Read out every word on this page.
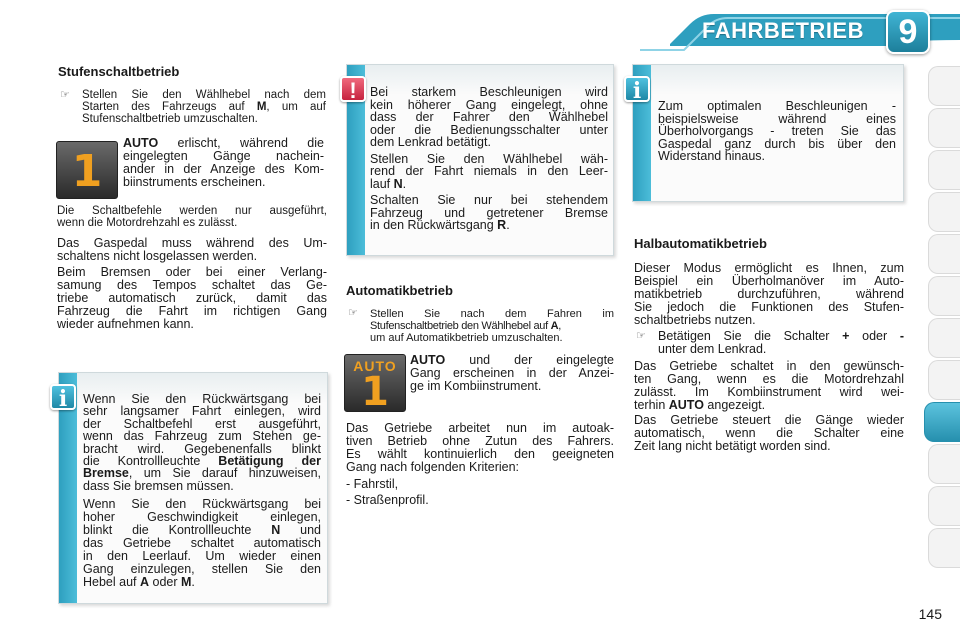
FAHRBETRIEB	9
Stufenschaltbetrieb
☞ Stellen Sie den Wählhebel nach dem
Starten des Fahrzeugs auf M, um auf
Stufenschaltbetrieb umzuschalten.
1
AUTO erlischt, während die
eingelegten Gänge nachein-
ander in der Anzeige des Kom-
biinstruments erscheinen.
Die Schaltbefehle werden nur ausgeführt,
wenn die Motordrehzahl es zulässt.
Das Gaspedal muss während des Um-
schaltens nicht losgelassen werden.
Beim Bremsen oder bei einer Verlang-
samung des Tempos schaltet das Ge-
triebe automatisch zurück, damit das
Fahrzeug die Fahrt im richtigen Gang
wieder aufnehmen kann.
i	Wenn Sie den Rückwärtsgang bei
sehr langsamer Fahrt einlegen, wird
der Schaltbefehl erst ausgeführt,
wenn das Fahrzeug zum Stehen ge-
bracht wird. Gegebenenfalls blinkt
die Kontrollleuchte Betätigung der
Bremse, um Sie darauf hinzuweisen,
dass Sie bremsen müssen.
Wenn Sie den Rückwärtsgang bei
hoher Geschwindigkeit einlegen,
blinkt die Kontrollleuchte N und
das Getriebe schaltet automatisch
in den Leerlauf. Um wieder einen
Gang einzulegen, stellen Sie den
Hebel auf A oder M.
!	Bei starkem Beschleunigen wird
kein höherer Gang eingelegt, ohne
dass der Fahrer den Wählhebel
oder die Bedienungsschalter unter
dem Lenkrad betätigt.
Stellen Sie den Wählhebel wäh-
rend der Fahrt niemals in den Leer-
lauf N.
Schalten Sie nur bei stehendem
Fahrzeug und getretener Bremse
in den Rückwärtsgang R.
Automatikbetrieb
☞ Stellen Sie nach dem Fahren im
Stufenschaltbetrieb den Wählhebel auf A,
um auf Automatikbetrieb umzuschalten.
AUTO
1
AUTO und der eingelegte
Gang erscheinen in der Anzei-
ge im Kombiinstrument.
Das Getriebe arbeitet nun im autoak-
tiven Betrieb ohne Zutun des Fahrers.
Es wählt kontinuierlich den geeigneten
Gang nach folgenden Kriterien:
- Fahrstil,
- Straßenprofil.
i
Zum optimalen Beschleunigen -
beispielsweise während eines
Überholvorgangs - treten Sie das
Gaspedal ganz durch bis über den
Widerstand hinaus.
Halbautomatikbetrieb
Dieser Modus ermöglicht es Ihnen, zum
Beispiel ein Überholmanöver im Auto-
matikbetrieb durchzuführen, während
Sie jedoch die Funktionen des Stufen-
schaltbetriebs nutzen.
☞ Betätigen Sie die Schalter + oder -
unter dem Lenkrad.
Das Getriebe schaltet in den gewünsch-
ten Gang, wenn es die Motordrehzahl
zulässt. Im Kombiinstrument wird wei-
terhin AUTO angezeigt.
Das Getriebe steuert die Gänge wieder
automatisch, wenn die Schalter eine
Zeit lang nicht betätigt worden sind.
145
